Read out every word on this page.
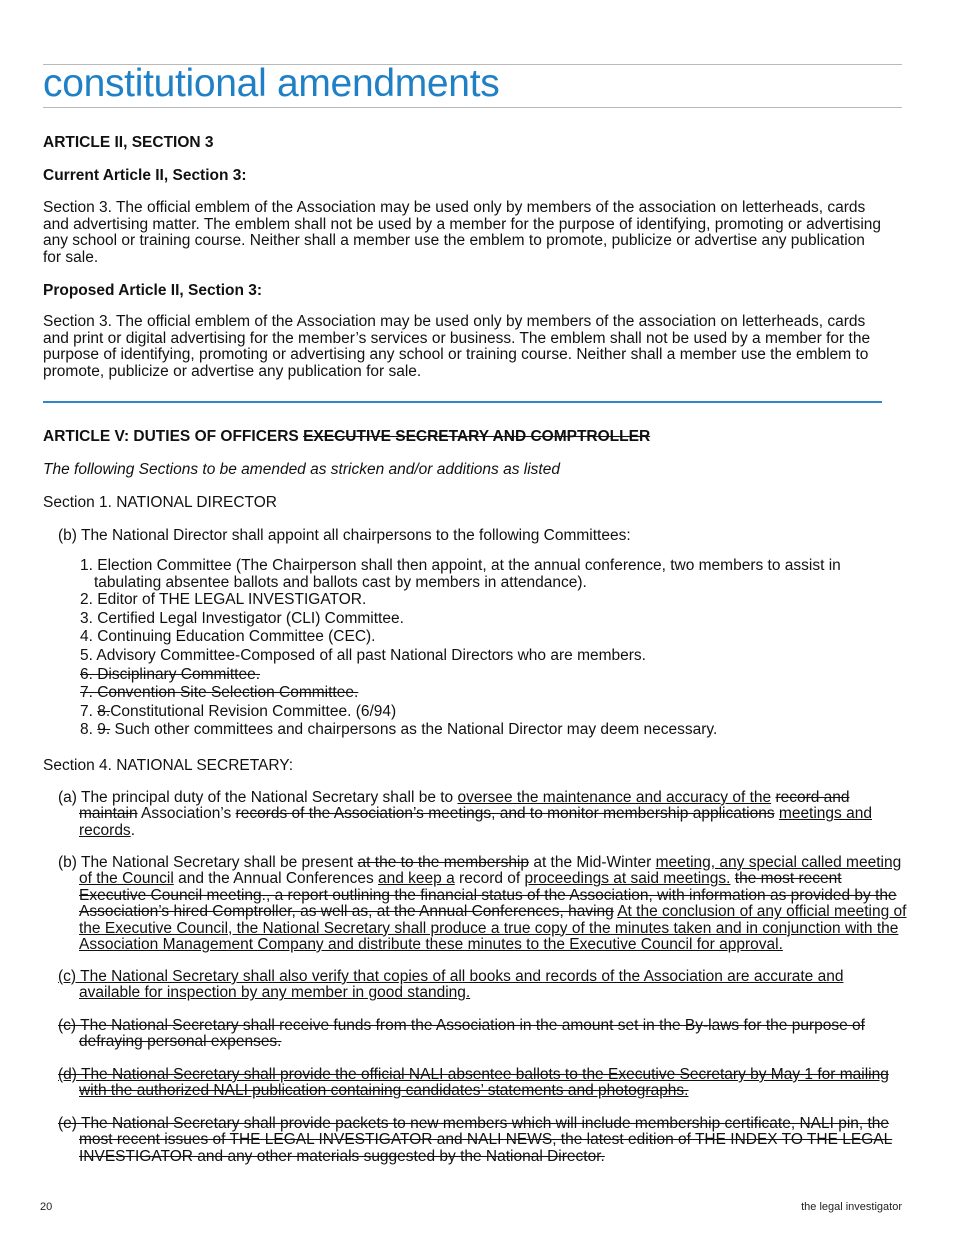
constitutional amendments
ARTICLE II, SECTION 3
Current Article II, Section 3:

Section 3. The official emblem of the Association may be used only by members of the association on letterheads, cards and advertising matter. The emblem shall not be used by a member for the purpose of identifying, promoting or advertising any school or training course. Neither shall a member use the emblem to promote, publicize or advertise any publication for sale.

Proposed Article II, Section 3:

Section 3. The official emblem of the Association may be used only by members of the association on letterheads, cards and print or digital advertising for the member’s services or business. The emblem shall not be used by a member for the purpose of identifying, promoting or advertising any school or training course. Neither shall a member use the emblem to promote, publicize or advertise any publication for sale.

ARTICLE V: DUTIES OF OFFICERS EXECUTIVE SECRETARY AND COMPTROLLER
The following Sections to be amended as stricken and/or additions as listed
Section 1. NATIONAL DIRECTOR
(b) The National Director shall appoint all chairpersons to the following Committees:
1. Election Committee (The Chairperson shall then appoint, at the annual conference, two members to assist in tabulating absentee ballots and ballots cast by members in attendance).
2. Editor of THE LEGAL INVESTIGATOR.
3. Certified Legal Investigator (CLI) Committee.
4. Continuing Education Committee (CEC).
5. Advisory Committee-Composed of all past National Directors who are members.
6. Disciplinary Committee.
7. Convention Site Selection Committee.
7. 8.Constitutional Revision Committee. (6/94)
8. 9. Such other committees and chairpersons as the National Director may deem necessary.
Section 4. NATIONAL SECRETARY:

(a) The principal duty of the National Secretary shall be to oversee the maintenance and accuracy of the record and maintain Association’s records of the Association’s meetings, and to monitor membership applications meetings and records.

(b) The National Secretary shall be present at the to the membership at the Mid-Winter meeting, any special called meeting of the Council and the Annual Conferences and keep a record of proceedings at said meetings. the most recent Executive Council meeting., a report outlining the financial status of the Association, with information as provided by the Association’s hired Comptroller, as well as, at the Annual Conferences, having At the conclusion of any official meeting of the Executive Council, the National Secretary shall produce a true copy of the minutes taken and in conjunction with the Association Management Company and distribute these minutes to the Executive Council for approval.

(c) The National Secretary shall also verify that copies of all books and records of the Association are accurate and available for inspection by any member in good standing.

(c) The National Secretary shall receive funds from the Association in the amount set in the By-laws for the purpose of defraying personal expenses.

(d) The National Secretary shall provide the official NALI absentee ballots to the Executive Secretary by May 1 for mailing with the authorized NALI publication containing candidates’ statements and photographs.

(e) The National Secretary shall provide packets to new members which will include membership certificate, NALI pin, the most recent issues of THE LEGAL INVESTIGATOR and NALI NEWS, the latest edition of THE INDEX TO THE LEGAL INVESTIGATOR and any other materials suggested by the National Director.

20	the legal investigator
